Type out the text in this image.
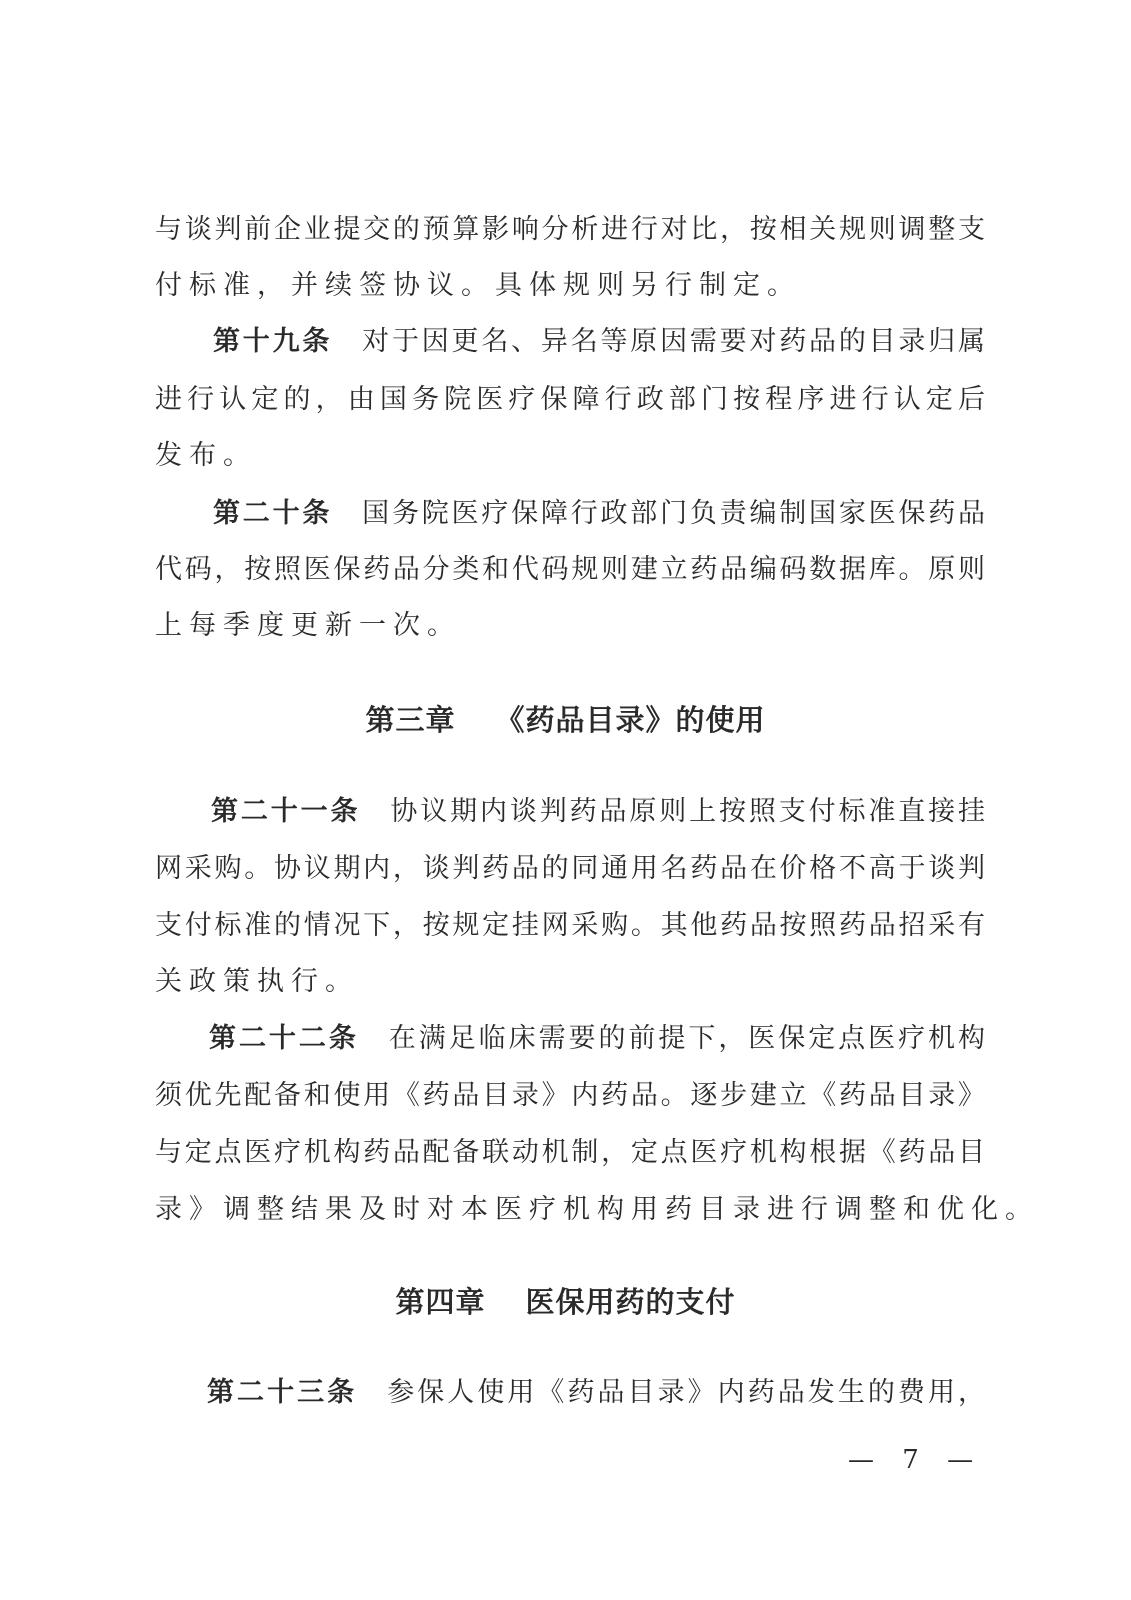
与谈判前企业提交的预算影响分析进行对比，按相关规则调整支
付标准，并续签协议。具体规则另行制定。
第十九条 对于因更名、异名等原因需要对药品的目录归属
进行认定的，由国务院医疗保障行政部门按程序进行认定后
发布。
第二十条 国务院医疗保障行政部门负责编制国家医保药品
代码，按照医保药品分类和代码规则建立药品编码数据库。原则
上每季度更新一次。
第三章 《药品目录》的使用
第二十一条 协议期内谈判药品原则上按照支付标准直接挂
网采购。协议期内，谈判药品的同通用名药品在价格不高于谈判
支付标准的情况下，按规定挂网采购。其他药品按照药品招采有
关政策执行。
第二十二条 在满足临床需要的前提下，医保定点医疗机构
须优先配备和使用《药品目录》内药品。逐步建立《药品目录》
与定点医疗机构药品配备联动机制，定点医疗机构根据《药品目
录》调整结果及时对本医疗机构用药目录进行调整和优化。
第四章 医保用药的支付
第二十三条 参保人使用《药品目录》内药品发生的费用，
— 7 —
